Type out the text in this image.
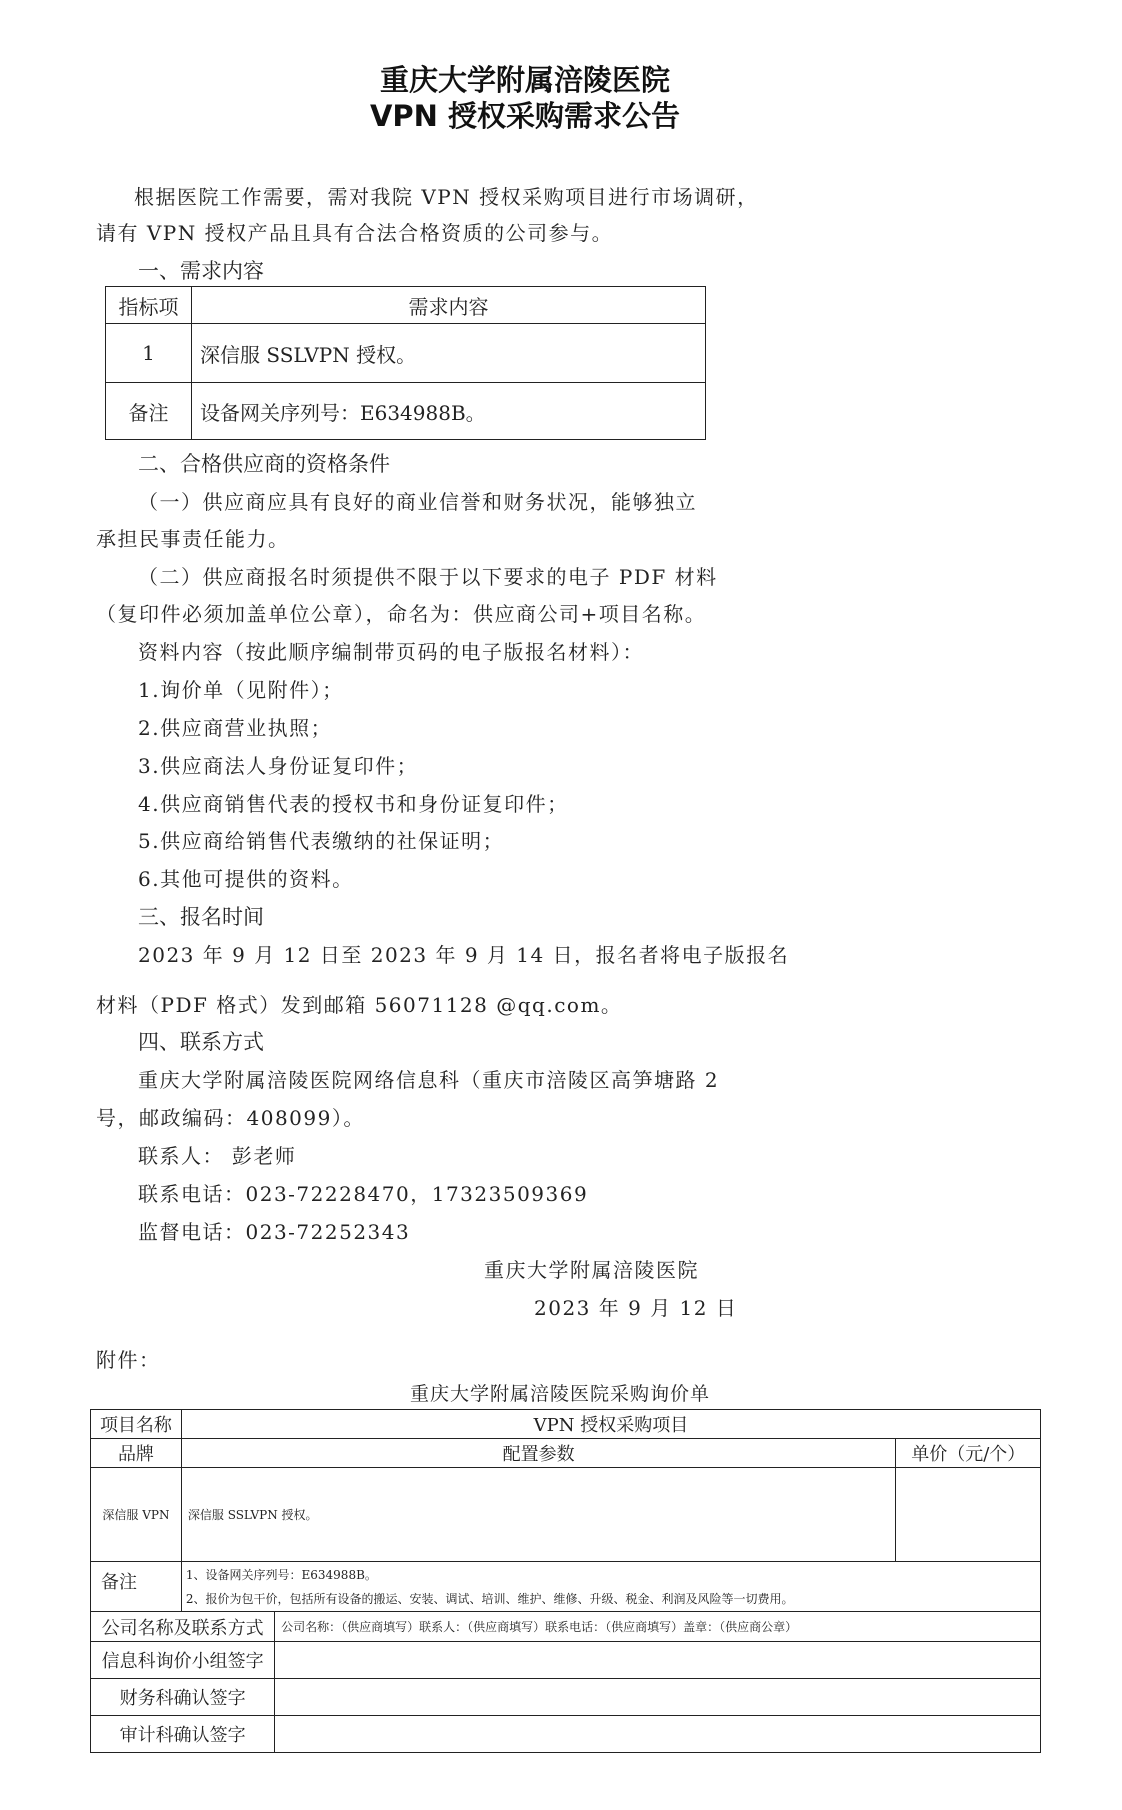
重庆大学附属涪陵医院
VPN 授权采购需求公告
根据医院工作需要，需对我院 VPN 授权采购项目进行市场调研，
请有 VPN 授权产品且具有合法合格资质的公司参与。
一、需求内容
指标项	需求内容
1	深信服 SSLVPN 授权。
备注	设备网关序列号：E634988B。
二、合格供应商的资格条件
（一）供应商应具有良好的商业信誉和财务状况，能够独立
承担民事责任能力。
（二）供应商报名时须提供不限于以下要求的电子 PDF 材料
（复印件必须加盖单位公章），命名为：供应商公司+项目名称。
资料内容（按此顺序编制带页码的电子版报名材料）：
1.询价单（见附件）；
2.供应商营业执照；
3.供应商法人身份证复印件；
4.供应商销售代表的授权书和身份证复印件；
5.供应商给销售代表缴纳的社保证明；
6.其他可提供的资料。
三、报名时间
2023 年 9 月 12 日至 2023 年 9 月 14 日，报名者将电子版报名
材料（PDF 格式）发到邮箱 56071128 @qq.com。
四、联系方式
重庆大学附属涪陵医院网络信息科（重庆市涪陵区高笋塘路 2
号，邮政编码：408099）。
联系人： 彭老师
联系电话：023-72228470，17323509369
监督电话：023-72252343
重庆大学附属涪陵医院
2023 年 9 月 12 日
附件：
重庆大学附属涪陵医院采购询价单
项目名称	VPN 授权采购项目		
品牌	配置参数		单价（元/个）
深信服 VPN	深信服 SSLVPN 授权。		
备注	1、设备网关序列号：E634988B。
2、报价为包干价，包括所有设备的搬运、安装、调试、培训、维护、维修、升级、税金、利润及风险等一切费用。		

公司名称及联系方式		公司名称：（供应商填写）联系人：（供应商填写）联系电话：（供应商填写）盖章：（供应商公章）	
信息科询价小组签字			
财务科确认签字			
审计科确认签字			
